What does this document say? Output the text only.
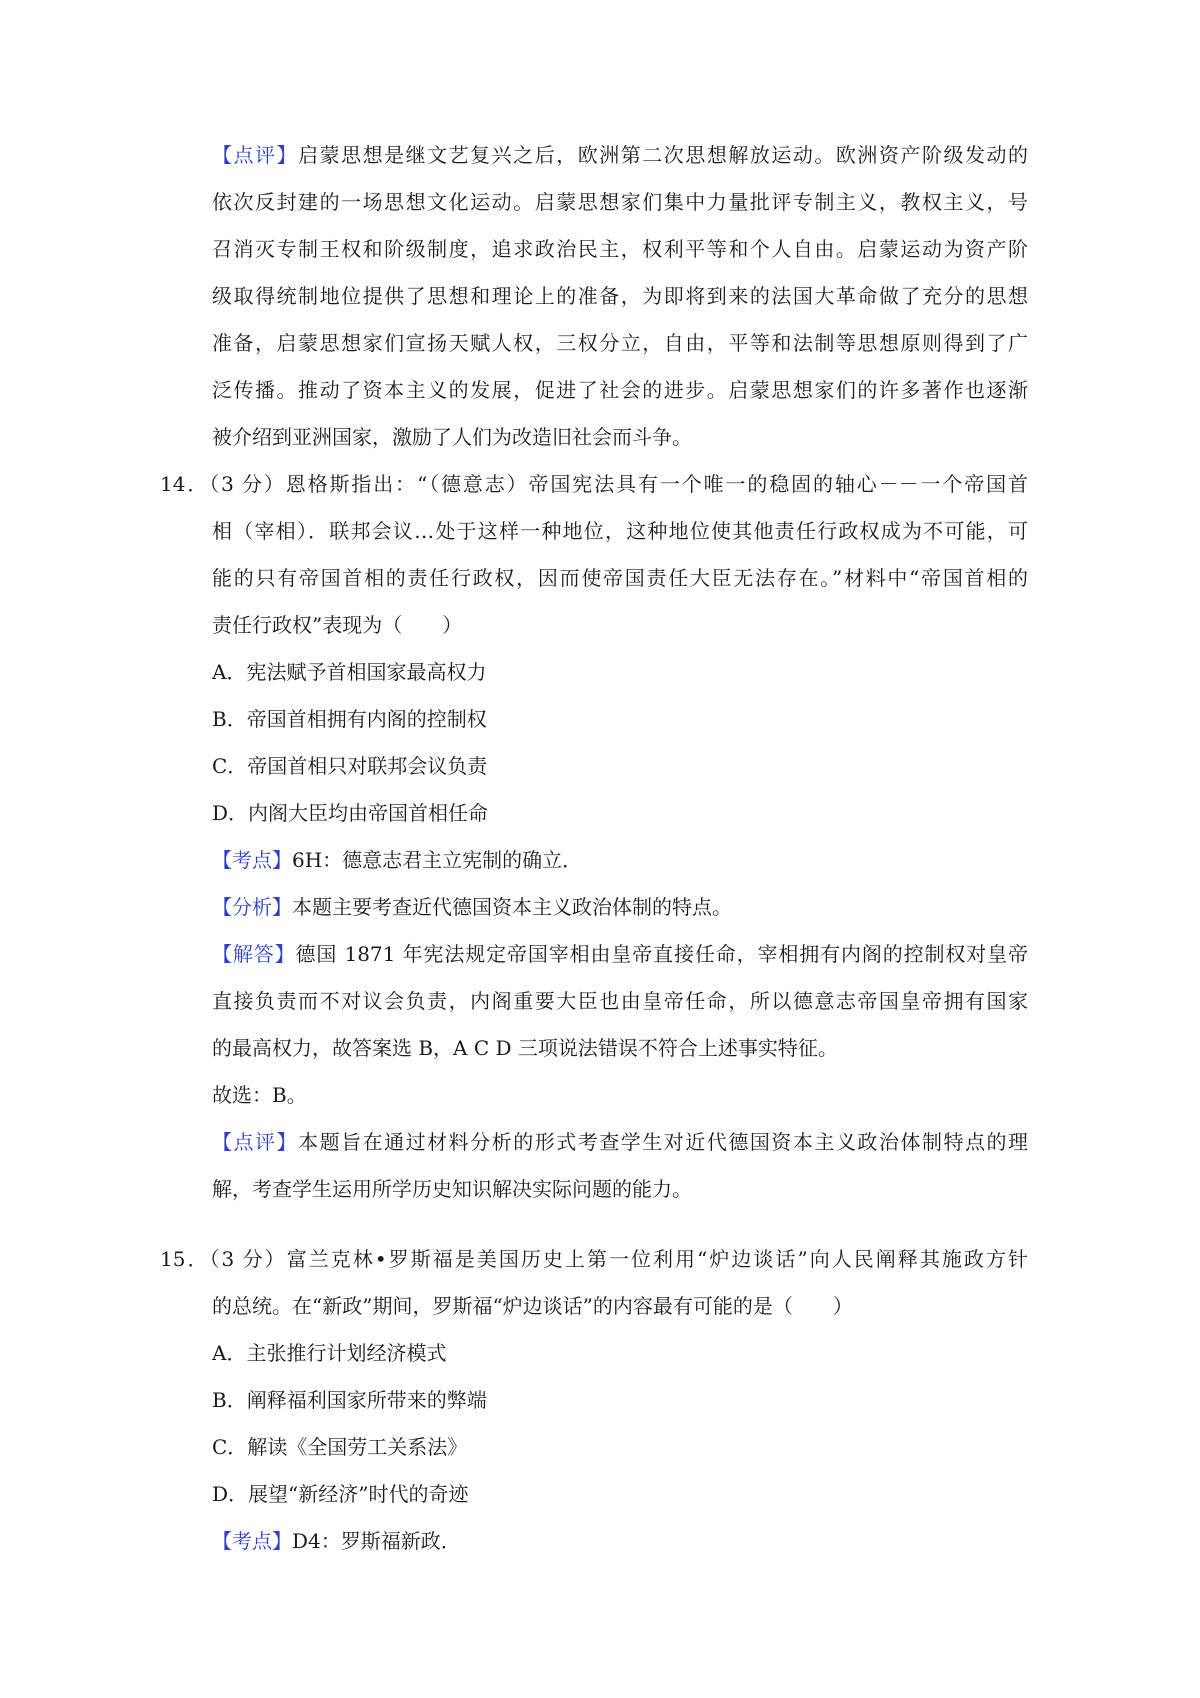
【点评】启蒙思想是继文艺复兴之后，欧洲第二次思想解放运动。欧洲资产阶级发动的
依次反封建的一场思想文化运动。启蒙思想家们集中力量批评专制主义，教权主义，号
召消灭专制王权和阶级制度，追求政治民主，权利平等和个人自由。启蒙运动为资产阶
级取得统制地位提供了思想和理论上的准备，为即将到来的法国大革命做了充分的思想
准备，启蒙思想家们宣扬天赋人权，三权分立，自由，平等和法制等思想原则得到了广
泛传播。推动了资本主义的发展，促进了社会的进步。启蒙思想家们的许多著作也逐渐
被介绍到亚洲国家，激励了人们为改造旧社会而斗争。
14．（3 分）恩格斯指出：“（德意志）帝国宪法具有一个唯一的稳固的轴心－－一个帝国首
相（宰相）．联邦会议…处于这样一种地位，这种地位使其他责任行政权成为不可能，可
能的只有帝国首相的责任行政权，因而使帝国责任大臣无法存在。”材料中“帝国首相的
责任行政权”表现为（　　）
A．宪法赋予首相国家最高权力
B．帝国首相拥有内阁的控制权
C．帝国首相只对联邦会议负责
D．内阁大臣均由帝国首相任命
【考点】6H：德意志君主立宪制的确立．
【分析】本题主要考查近代德国资本主义政治体制的特点。
【解答】德国 1871 年宪法规定帝国宰相由皇帝直接任命，宰相拥有内阁的控制权对皇帝
直接负责而不对议会负责，内阁重要大臣也由皇帝任命，所以德意志帝国皇帝拥有国家
的最高权力，故答案选 B，A C D 三项说法错误不符合上述事实特征。
故选：B。
【点评】本题旨在通过材料分析的形式考查学生对近代德国资本主义政治体制特点的理
解，考查学生运用所学历史知识解决实际问题的能力。
15．（3 分）富兰克林•罗斯福是美国历史上第一位利用“炉边谈话”向人民阐释其施政方针
的总统。在“新政”期间，罗斯福“炉边谈话”的内容最有可能的是（　　）
A．主张推行计划经济模式
B．阐释福利国家所带来的弊端
C．解读《全国劳工关系法》
D．展望“新经济”时代的奇迹
【考点】D4：罗斯福新政．
